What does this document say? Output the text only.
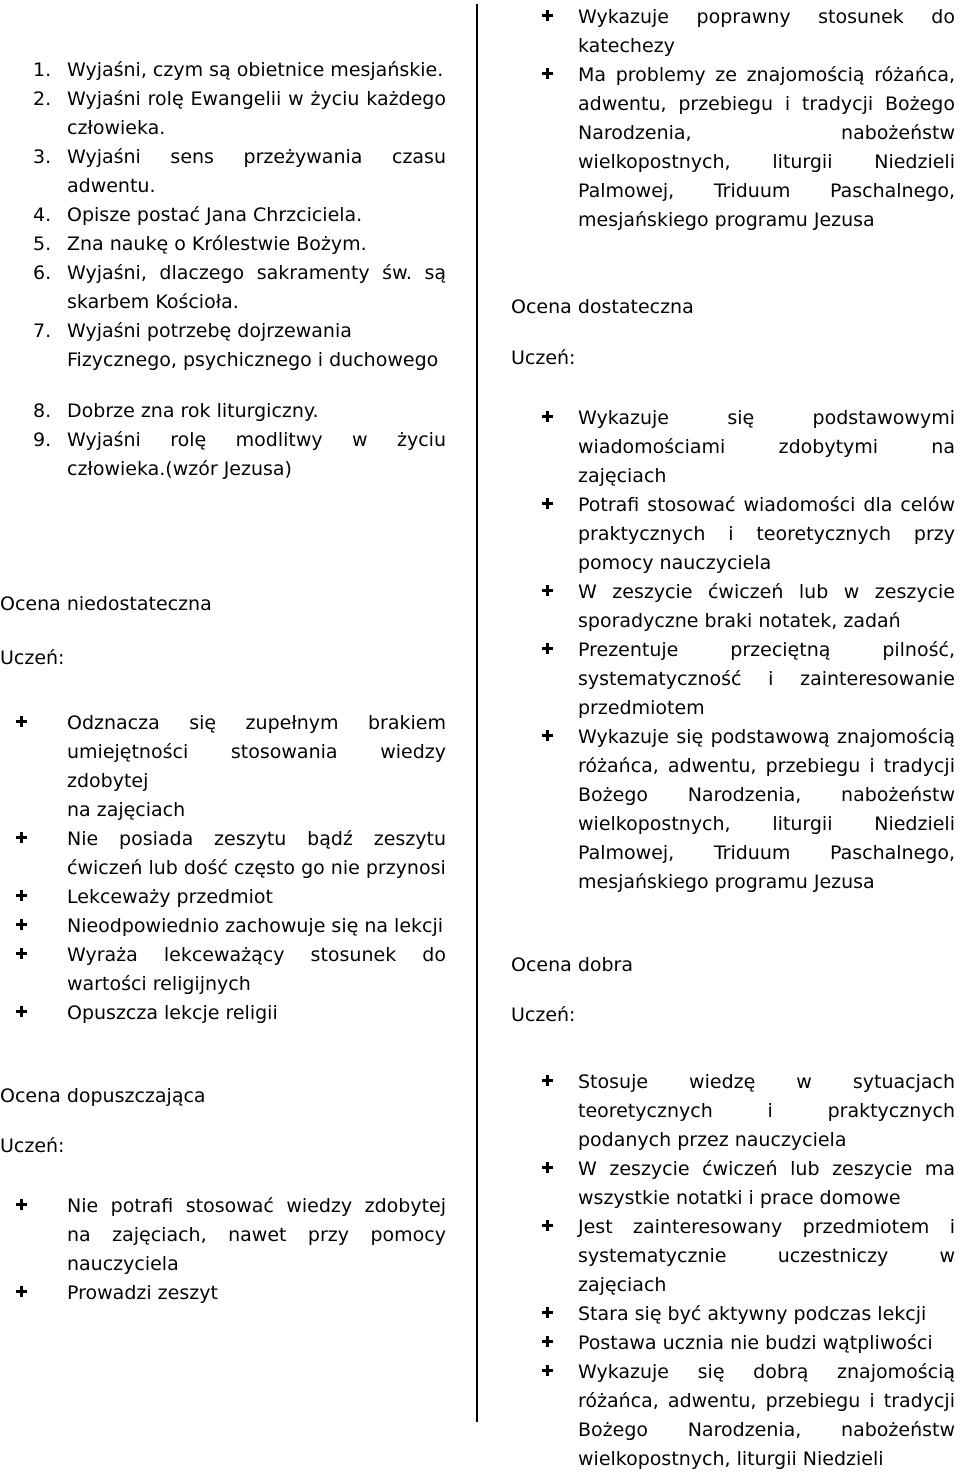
1. Wyjaśni, czym są obietnice mesjańskie.
2. Wyjaśni rolę Ewangelii w życiu każdego człowieka.
3. Wyjaśni sens przeżywania czasu adwentu.
4. Opisze postać Jana Chrzciciela.
5. Zna naukę o Królestwie Bożym.
6. Wyjaśni, dlaczego sakramenty św. są skarbem Kościoła.
7. Wyjaśni potrzebę dojrzewania Fizycznego, psychicznego i duchowego
8. Dobrze zna rok liturgiczny.
9. Wyjaśni rolę modlitwy w życiu człowieka.(wzór Jezusa)
Ocena niedostateczna
Uczeń:
Odznacza się zupełnym brakiem umiejętności stosowania wiedzy zdobytej
na zajęciach
Nie posiada zeszytu bądź zeszytu ćwiczeń lub dość często go nie przynosi
Lekceważy przedmiot
Nieodpowiednio zachowuje się na lekcji
Wyraża lekceważący stosunek do wartości religijnych
Opuszcza lekcje religii
Ocena dopuszczająca
Uczeń:
Nie potrafi stosować wiedzy zdobytej na zajęciach, nawet przy pomocy nauczyciela
Prowadzi zeszyt
Wykazuje poprawny stosunek do katechezy
Ma problemy ze znajomością różańca, adwentu, przebiegu i tradycji Bożego Narodzenia, nabożeństw wielkopostnych, liturgii Niedzieli Palmowej, Triduum Paschalnego, mesjańskiego programu Jezusa
Ocena dostateczna
Uczeń:
Wykazuje się podstawowymi wiadomościami zdobytymi na zajęciach
Potrafi stosować wiadomości dla celów praktycznych i teoretycznych przy pomocy nauczyciela
W zeszycie ćwiczeń lub w zeszycie sporadyczne braki notatek, zadań
Prezentuje przeciętną pilność, systematyczność i zainteresowanie przedmiotem
Wykazuje się podstawową znajomością różańca, adwentu, przebiegu i tradycji Bożego Narodzenia, nabożeństw wielkopostnych, liturgii Niedzieli Palmowej, Triduum Paschalnego, mesjańskiego programu Jezusa
Ocena dobra
Uczeń:
Stosuje wiedzę w sytuacjach teoretycznych i praktycznych podanych przez nauczyciela
W zeszycie ćwiczeń lub zeszycie ma wszystkie notatki i prace domowe
Jest zainteresowany przedmiotem i systematycznie uczestniczy w zajęciach
Stara się być aktywny podczas lekcji
Postawa ucznia nie budzi wątpliwości
Wykazuje się dobrą znajomością różańca, adwentu, przebiegu i tradycji Bożego Narodzenia, nabożeństw wielkopostnych, liturgii Niedzieli
